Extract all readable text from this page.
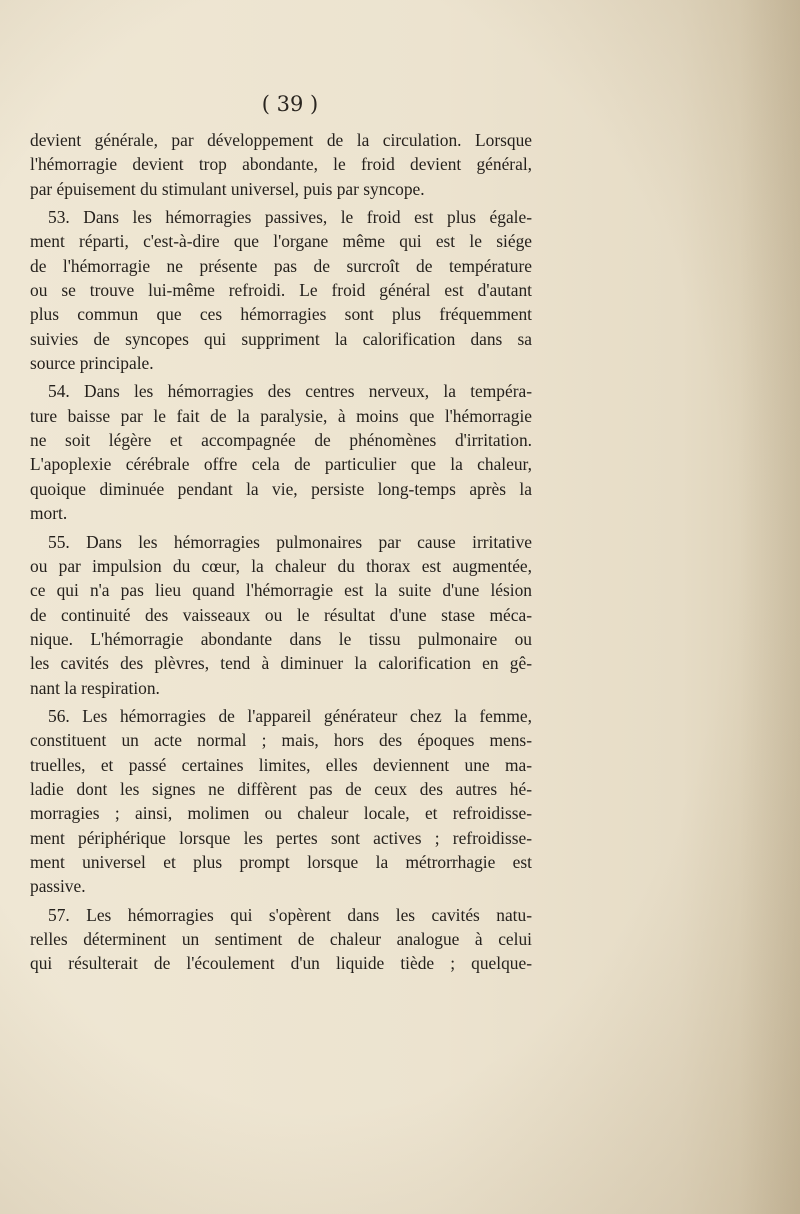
( 39 )

devient générale, par développement de la circulation. Lorsque
l'hémorragie devient trop abondante, le froid devient général,
par épuisement du stimulant universel, puis par syncope.

53. Dans les hémorragies passives, le froid est plus égale-
ment réparti, c'est-à-dire que l'organe même qui est le siége
de l'hémorragie ne présente pas de surcroît de température
ou se trouve lui-même refroidi. Le froid général est d'autant
plus commun que ces hémorragies sont plus fréquemment
suivies de syncopes qui suppriment la calorification dans sa
source principale.

54. Dans les hémorragies des centres nerveux, la tempéra-
ture baisse par le fait de la paralysie, à moins que l'hémorragie
ne soit légère et accompagnée de phénomènes d'irritation.
L'apoplexie cérébrale offre cela de particulier que la chaleur,
quoique diminuée pendant la vie, persiste long-temps après la
mort.

55. Dans les hémorragies pulmonaires par cause irritative
ou par impulsion du cœur, la chaleur du thorax est augmentée,
ce qui n'a pas lieu quand l'hémorragie est la suite d'une lésion
de continuité des vaisseaux ou le résultat d'une stase méca-
nique. L'hémorragie abondante dans le tissu pulmonaire ou
les cavités des plèvres, tend à diminuer la calorification en gê-
nant la respiration.

56. Les hémorragies de l'appareil générateur chez la femme,
constituent un acte normal ; mais, hors des époques mens-
truelles, et passé certaines limites, elles deviennent une ma-
ladie dont les signes ne diffèrent pas de ceux des autres hé-
morragies ; ainsi, molimen ou chaleur locale, et refroidisse-
ment périphérique lorsque les pertes sont actives ; refroidisse-
ment universel et plus prompt lorsque la métrorrhagie est
passive.

57. Les hémorragies qui s'opèrent dans les cavités natu-
relles déterminent un sentiment de chaleur analogue à celui
qui résulterait de l'écoulement d'un liquide tiède ; quelque-
